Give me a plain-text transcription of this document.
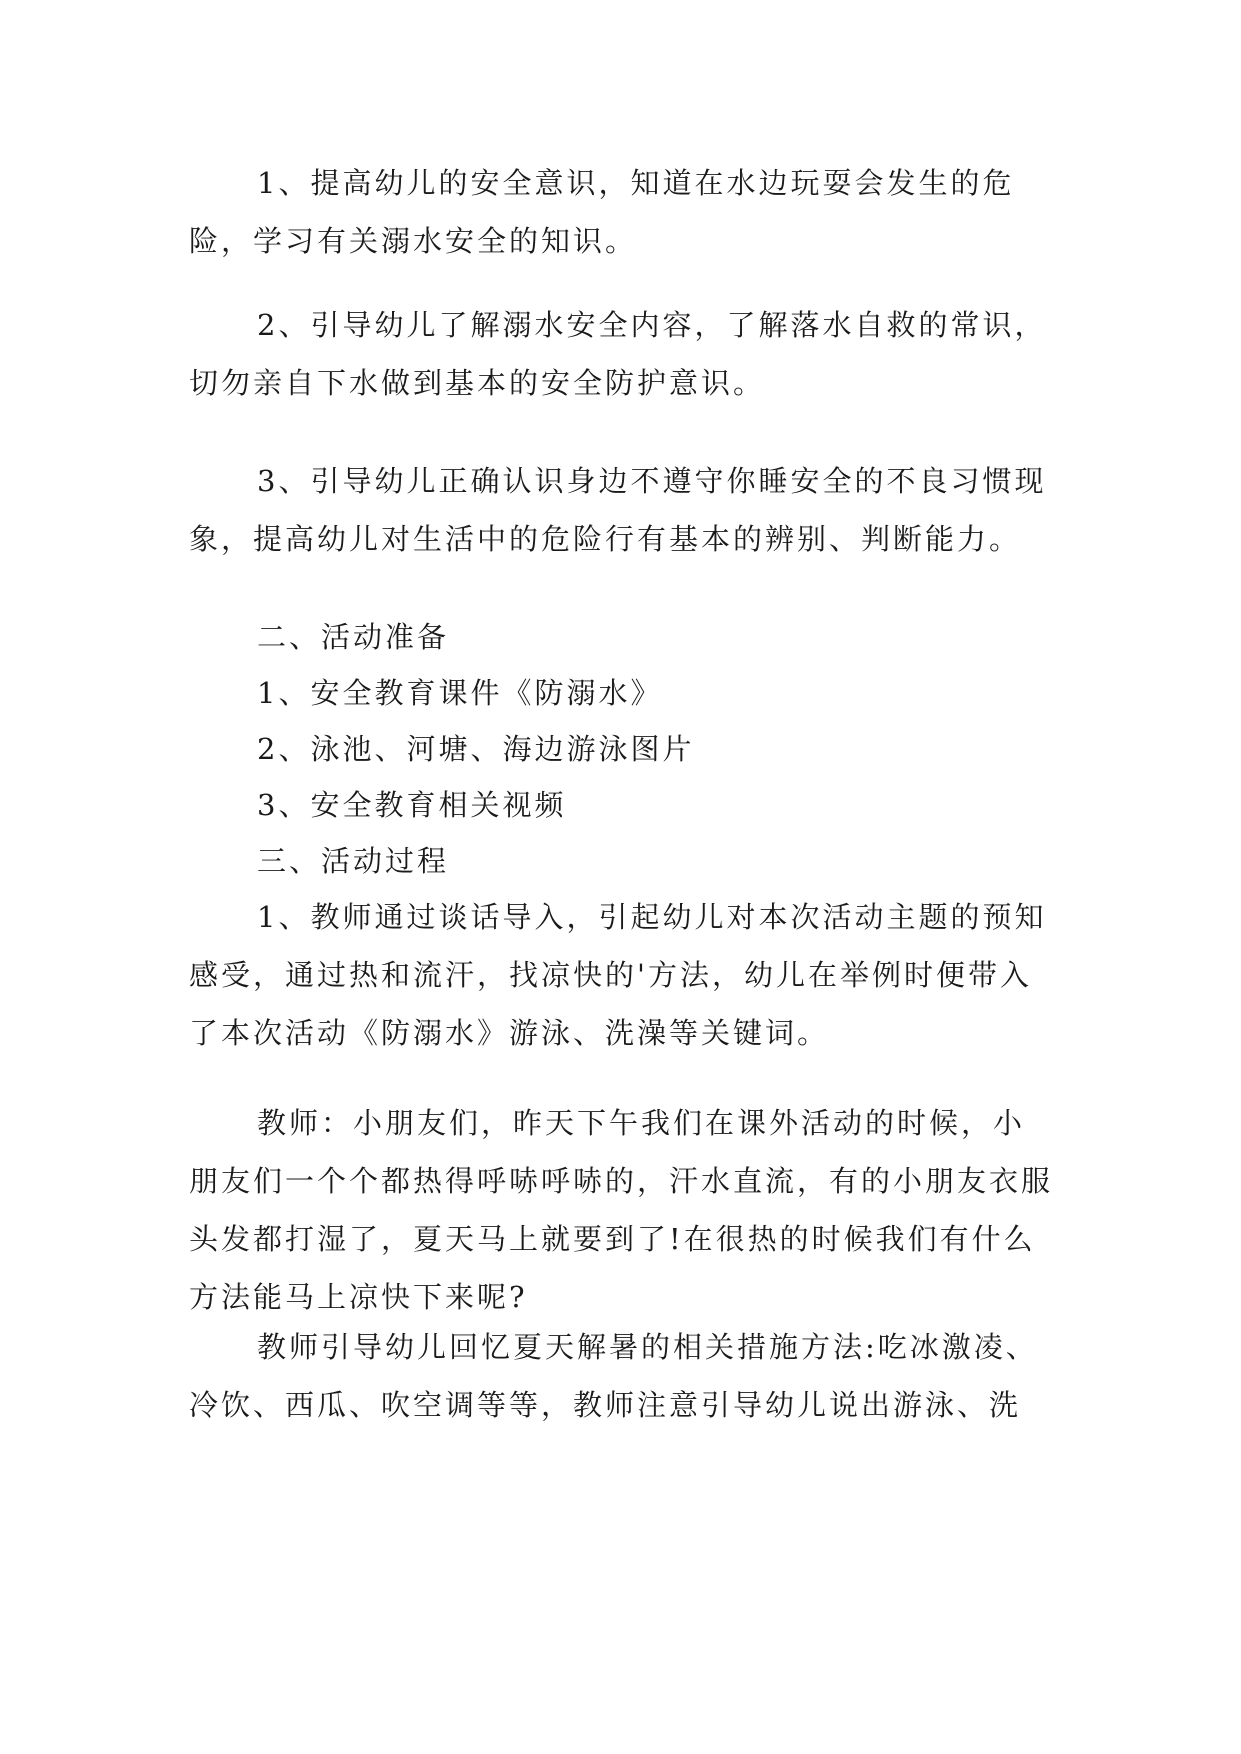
1、提高幼儿的安全意识，知道在水边玩耍会发生的危险，学习有关溺水安全的知识。

2、引导幼儿了解溺水安全内容，了解落水自救的常识，切勿亲自下水做到基本的安全防护意识。

3、引导幼儿正确认识身边不遵守你睡安全的不良习惯现象，提高幼儿对生活中的危险行有基本的辨别、判断能力。

二、活动准备

1、安全教育课件《防溺水》

2、泳池、河塘、海边游泳图片

3、安全教育相关视频

三、活动过程

1、教师通过谈话导入，引起幼儿对本次活动主题的预知感受，通过热和流汗，找凉快的'方法，幼儿在举例时便带入了本次活动《防溺水》游泳、洗澡等关键词。

教师：小朋友们，昨天下午我们在课外活动的时候，小朋友们一个个都热得呼哧呼哧的，汗水直流，有的小朋友衣服头发都打湿了，夏天马上就要到了!在很热的时候我们有什么方法能马上凉快下来呢?

教师引导幼儿回忆夏天解暑的相关措施方法:吃冰激凌、冷饮、西瓜、吹空调等等，教师注意引导幼儿说出游泳、洗
